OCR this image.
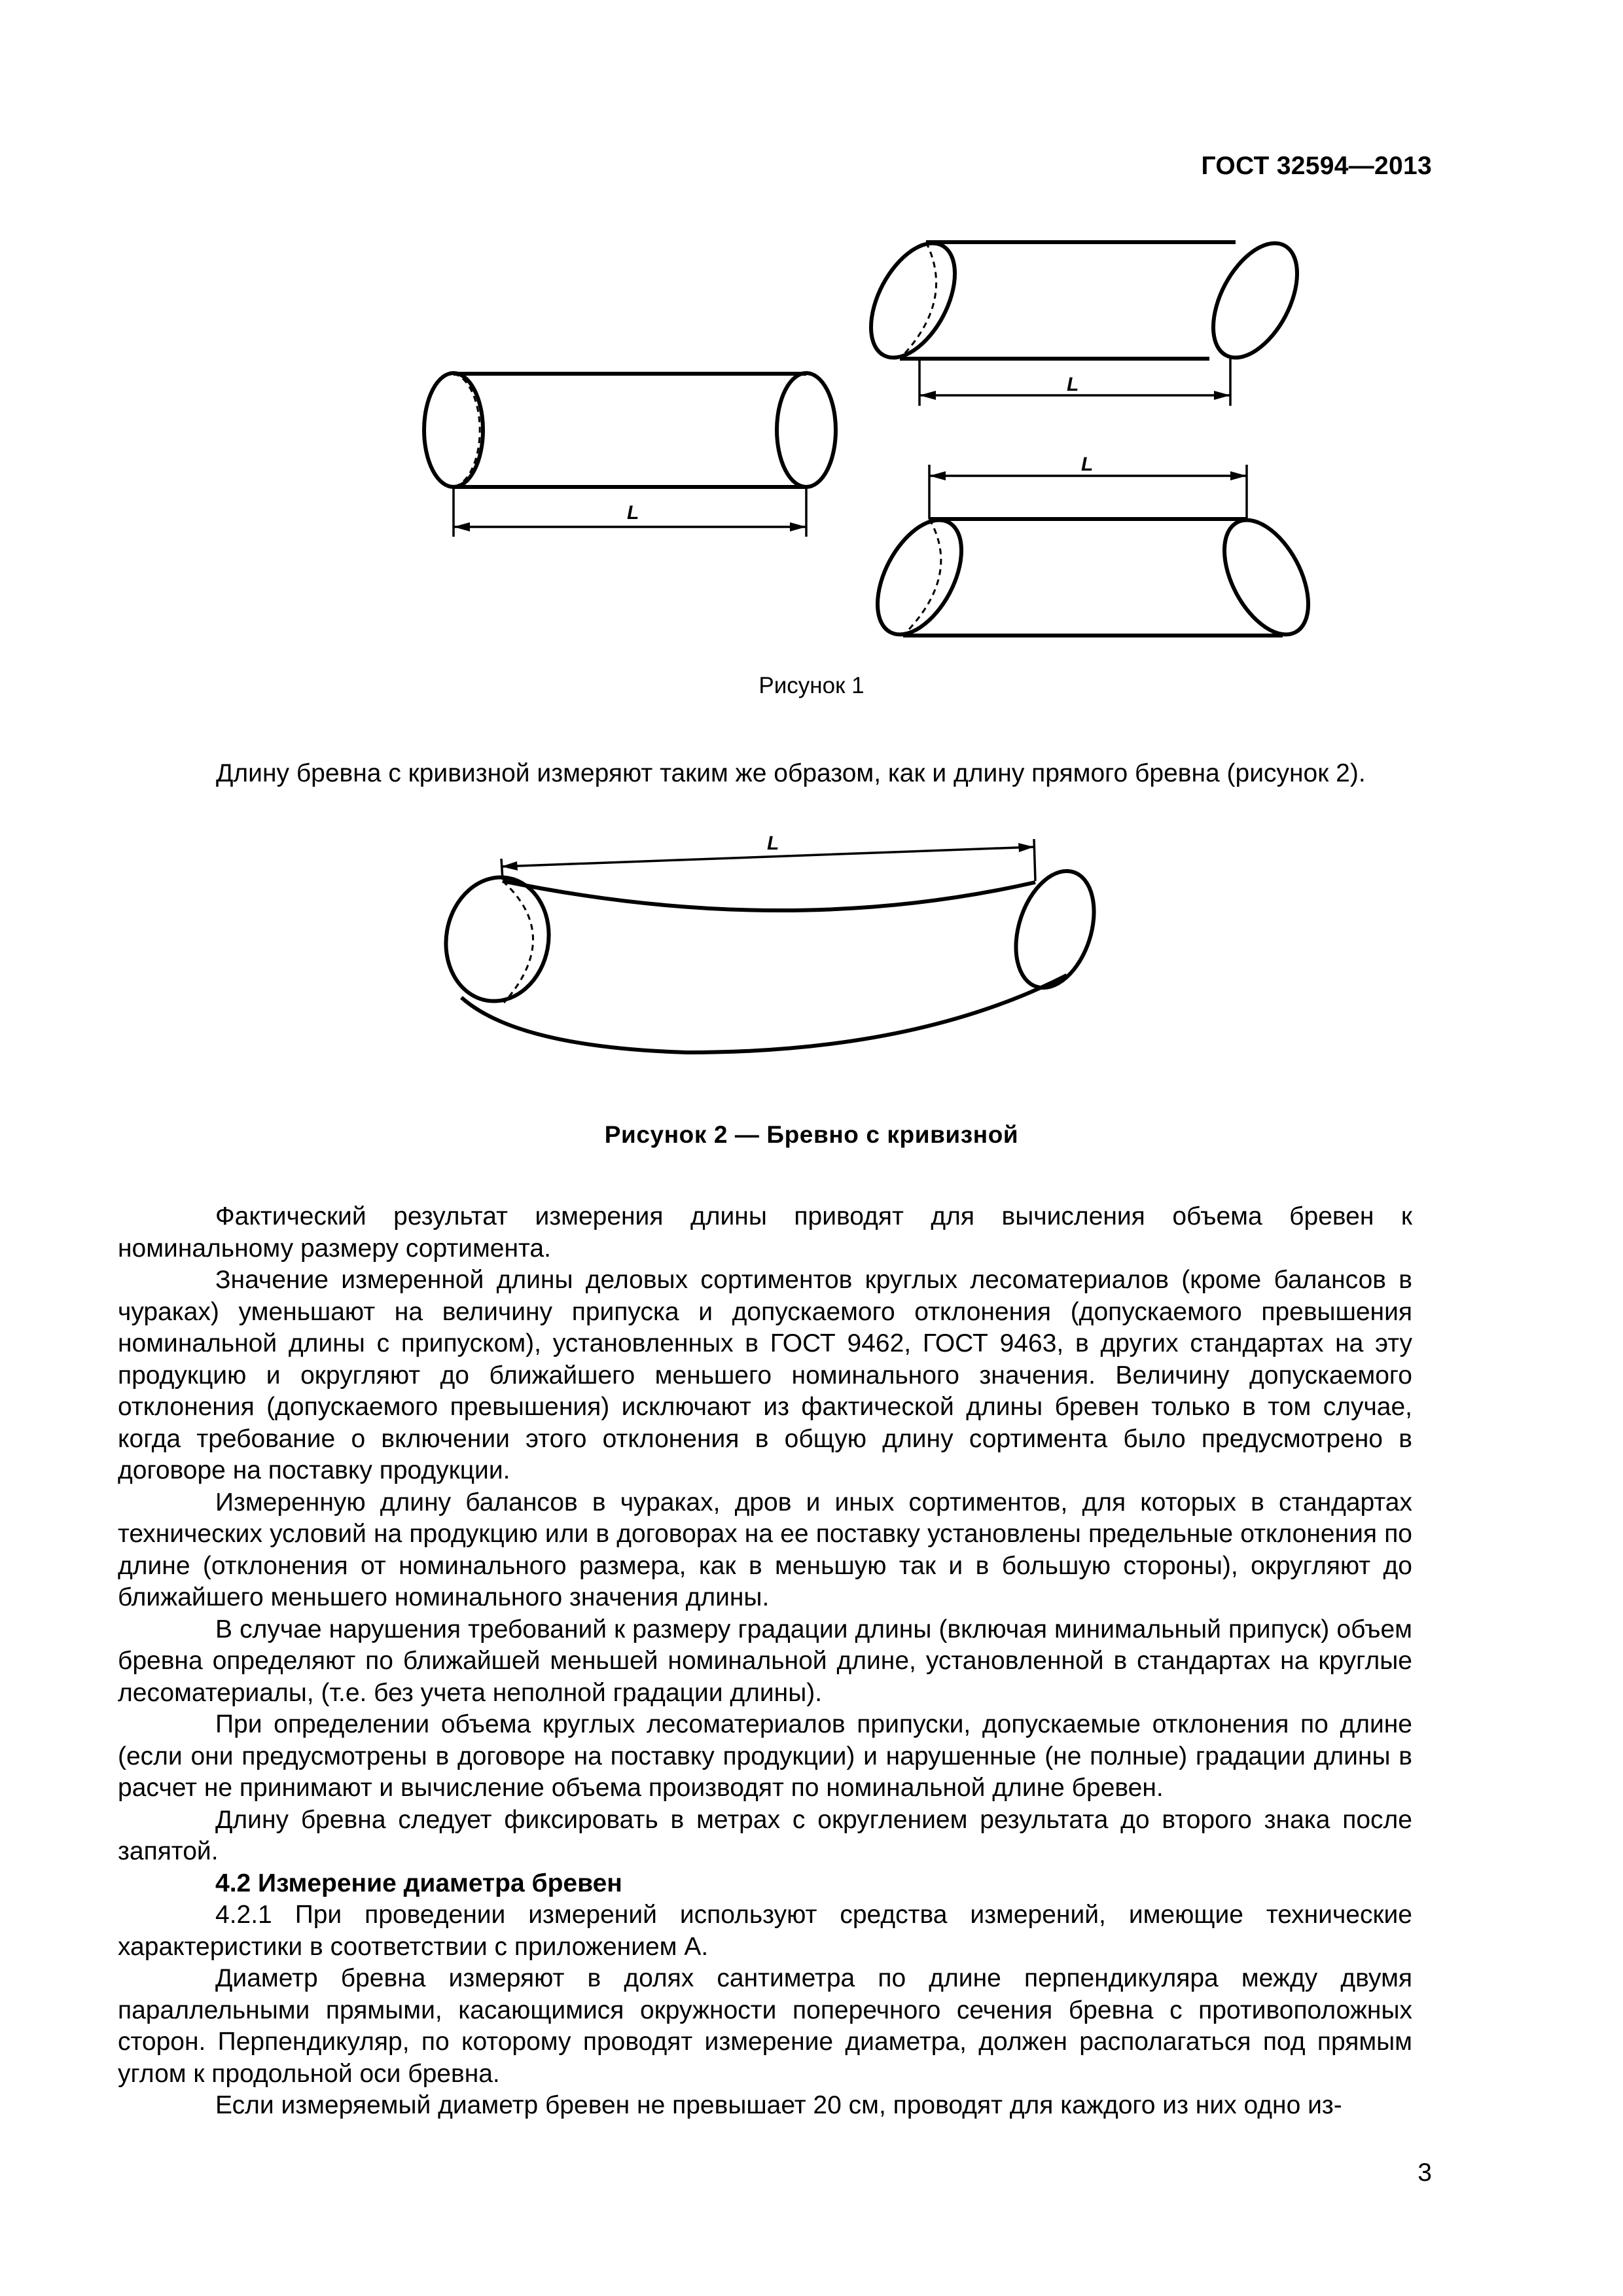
ГОСТ 32594—2013
L
L
L
Рисунок 1

Длину бревна с кривизной измеряют таким же образом, как и длину прямого бревна (рисунок 2).

L
Рисунок 2 — Бревно с кривизной

Фактический результат измерения длины приводят для вычисления объема бревен к номинальному размеру сортимента.

Значение измеренной длины деловых сортиментов круглых лесоматериалов (кроме балансов в чураках) уменьшают на величину припуска и допускаемого отклонения (допускаемого превышения номинальной длины с припуском), установленных в ГОСТ 9462, ГОСТ 9463, в других стандартах на эту продукцию и округляют до ближайшего меньшего номинального значения. Величину допускаемого отклонения (допускаемого превышения) исключают из фактической длины бревен только в том случае, когда требование о включении этого отклонения в общую длину сортимента было предусмотрено в договоре на поставку продукции.

Измеренную длину балансов в чураках, дров и иных сортиментов, для которых в стандартах технических условий на продукцию или в договорах на ее поставку установлены предельные отклонения по длине (отклонения от номинального размера, как в меньшую так и в большую стороны), округляют до ближайшего меньшего номинального значения длины.

В случае нарушения требований к размеру градации длины (включая минимальный припуск) объем бревна определяют по ближайшей меньшей номинальной длине, установленной в стандартах на круглые лесоматериалы, (т.е. без учета неполной градации длины).

При определении объема круглых лесоматериалов припуски, допускаемые отклонения по длине (если они предусмотрены в договоре на поставку продукции) и нарушенные (не полные) градации длины в расчет не принимают и вычисление объема производят по номинальной длине бревен.

Длину бревна следует фиксировать в метрах с округлением результата до второго знака после запятой.

4.2 Измерение диаметра бревен

4.2.1 При проведении измерений используют средства измерений, имеющие технические характеристики в соответствии с приложением А.

Диаметр бревна измеряют в долях сантиметра по длине перпендикуляра между двумя параллельными прямыми, касающимися окружности поперечного сечения бревна с противоположных сторон. Перпендикуляр, по которому проводят измерение диаметра, должен располагаться под прямым углом к продольной оси бревна.

Если измеряемый диаметр бревен не превышает 20 см, проводят для каждого из них одно из-

3
